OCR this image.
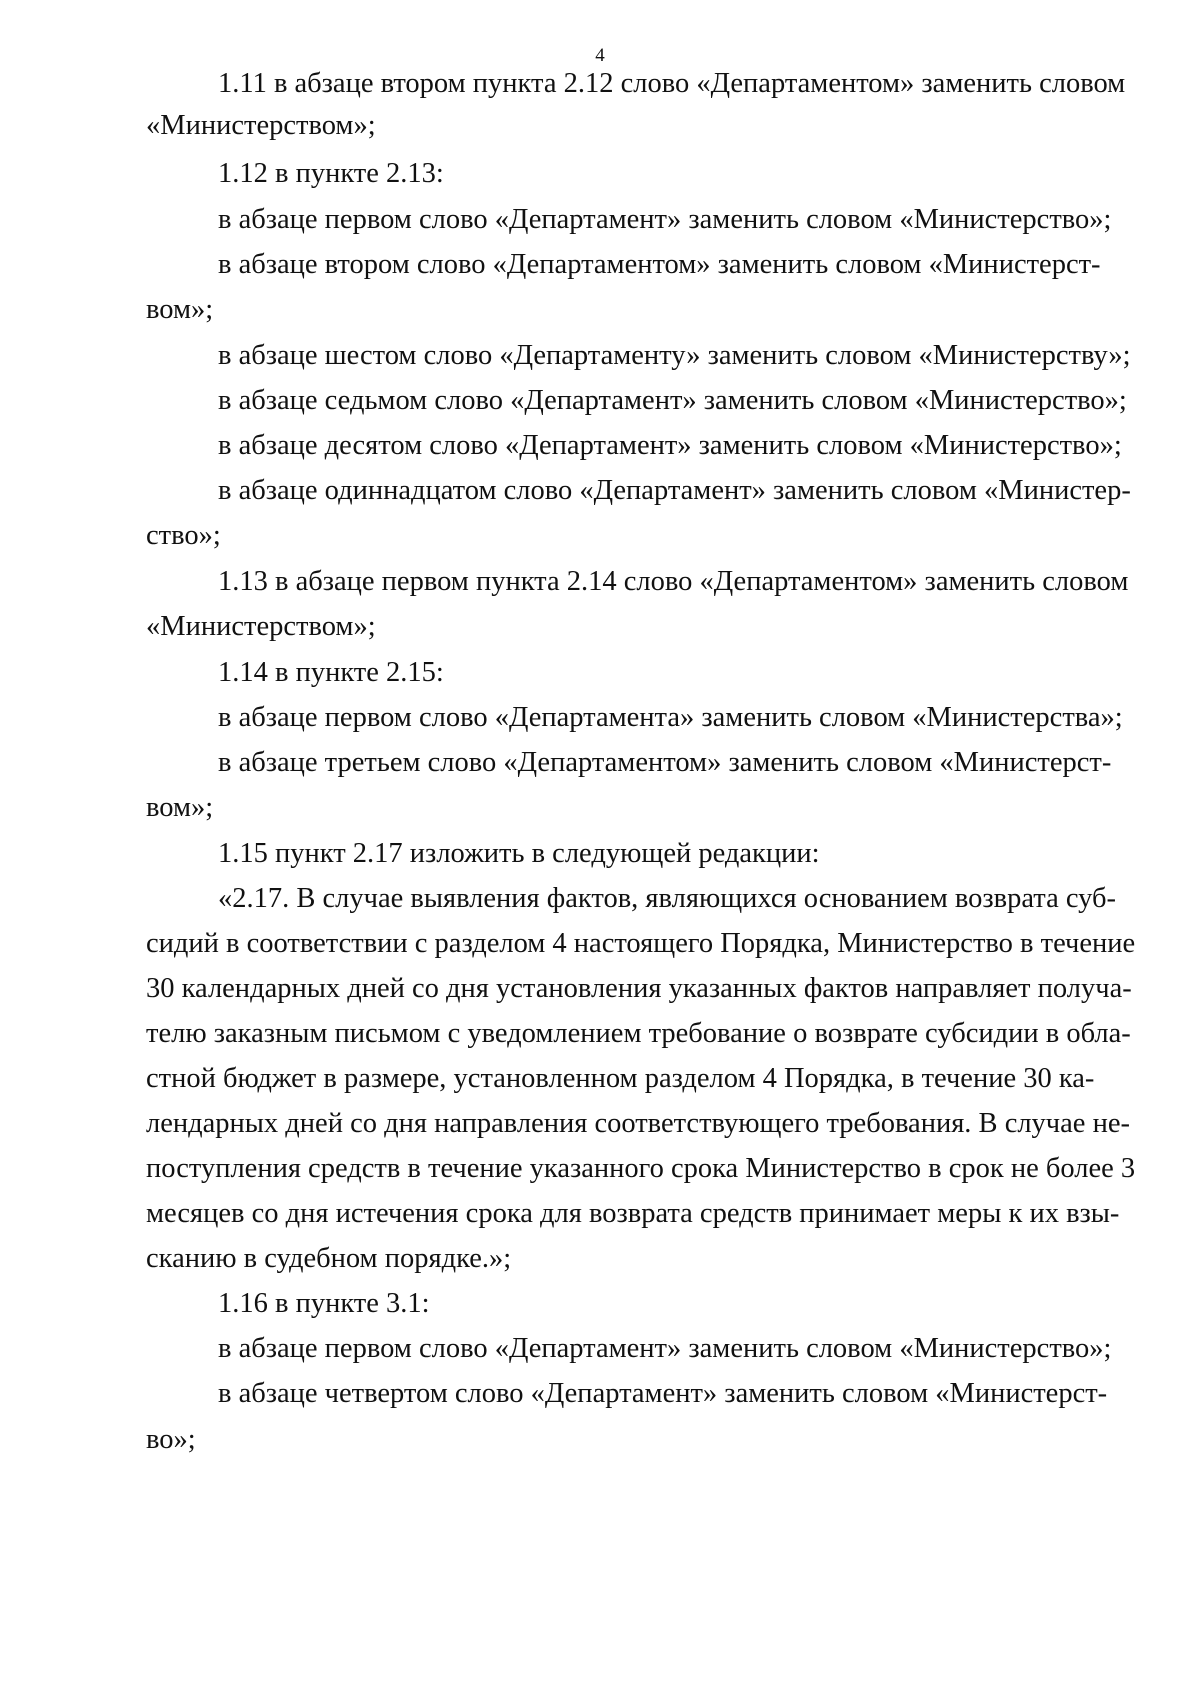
4
1.11 в абзаце втором пункта 2.12 слово «Департаментом» заменить словом
«Министерством»;
1.12 в пункте 2.13:
в абзаце первом слово «Департамент» заменить словом «Министерство»;
в абзаце втором слово «Департаментом» заменить словом «Министерст-
вом»;
в абзаце шестом слово «Департаменту» заменить словом «Министерству»;
в абзаце седьмом слово «Департамент» заменить словом «Министерство»;
в абзаце десятом слово «Департамент» заменить словом «Министерство»;
в абзаце одиннадцатом слово «Департамент» заменить словом «Министер-
ство»;
1.13 в абзаце первом пункта 2.14 слово «Департаментом» заменить словом
«Министерством»;
1.14 в пункте 2.15:
в абзаце первом слово «Департамента» заменить словом «Министерства»;
в абзаце третьем слово «Департаментом» заменить словом «Министерст-
вом»;
1.15 пункт 2.17 изложить в следующей редакции:
«2.17. В случае выявления фактов, являющихся основанием возврата суб-
сидий в соответствии с разделом 4 настоящего Порядка, Министерство в течение
30 календарных дней со дня установления указанных фактов направляет получа-
телю заказным письмом с уведомлением требование о возврате субсидии в обла-
стной бюджет в размере, установленном разделом 4 Порядка, в течение 30 ка-
лендарных дней со дня направления соответствующего требования. В случае не-
поступления средств в течение указанного срока Министерство в срок не более 3
месяцев со дня истечения срока для возврата средств принимает меры к их взы-
сканию в судебном порядке.»;
1.16 в пункте 3.1:
в абзаце первом слово «Департамент» заменить словом «Министерство»;
в абзаце четвертом слово «Департамент» заменить словом «Министерст-
во»;
